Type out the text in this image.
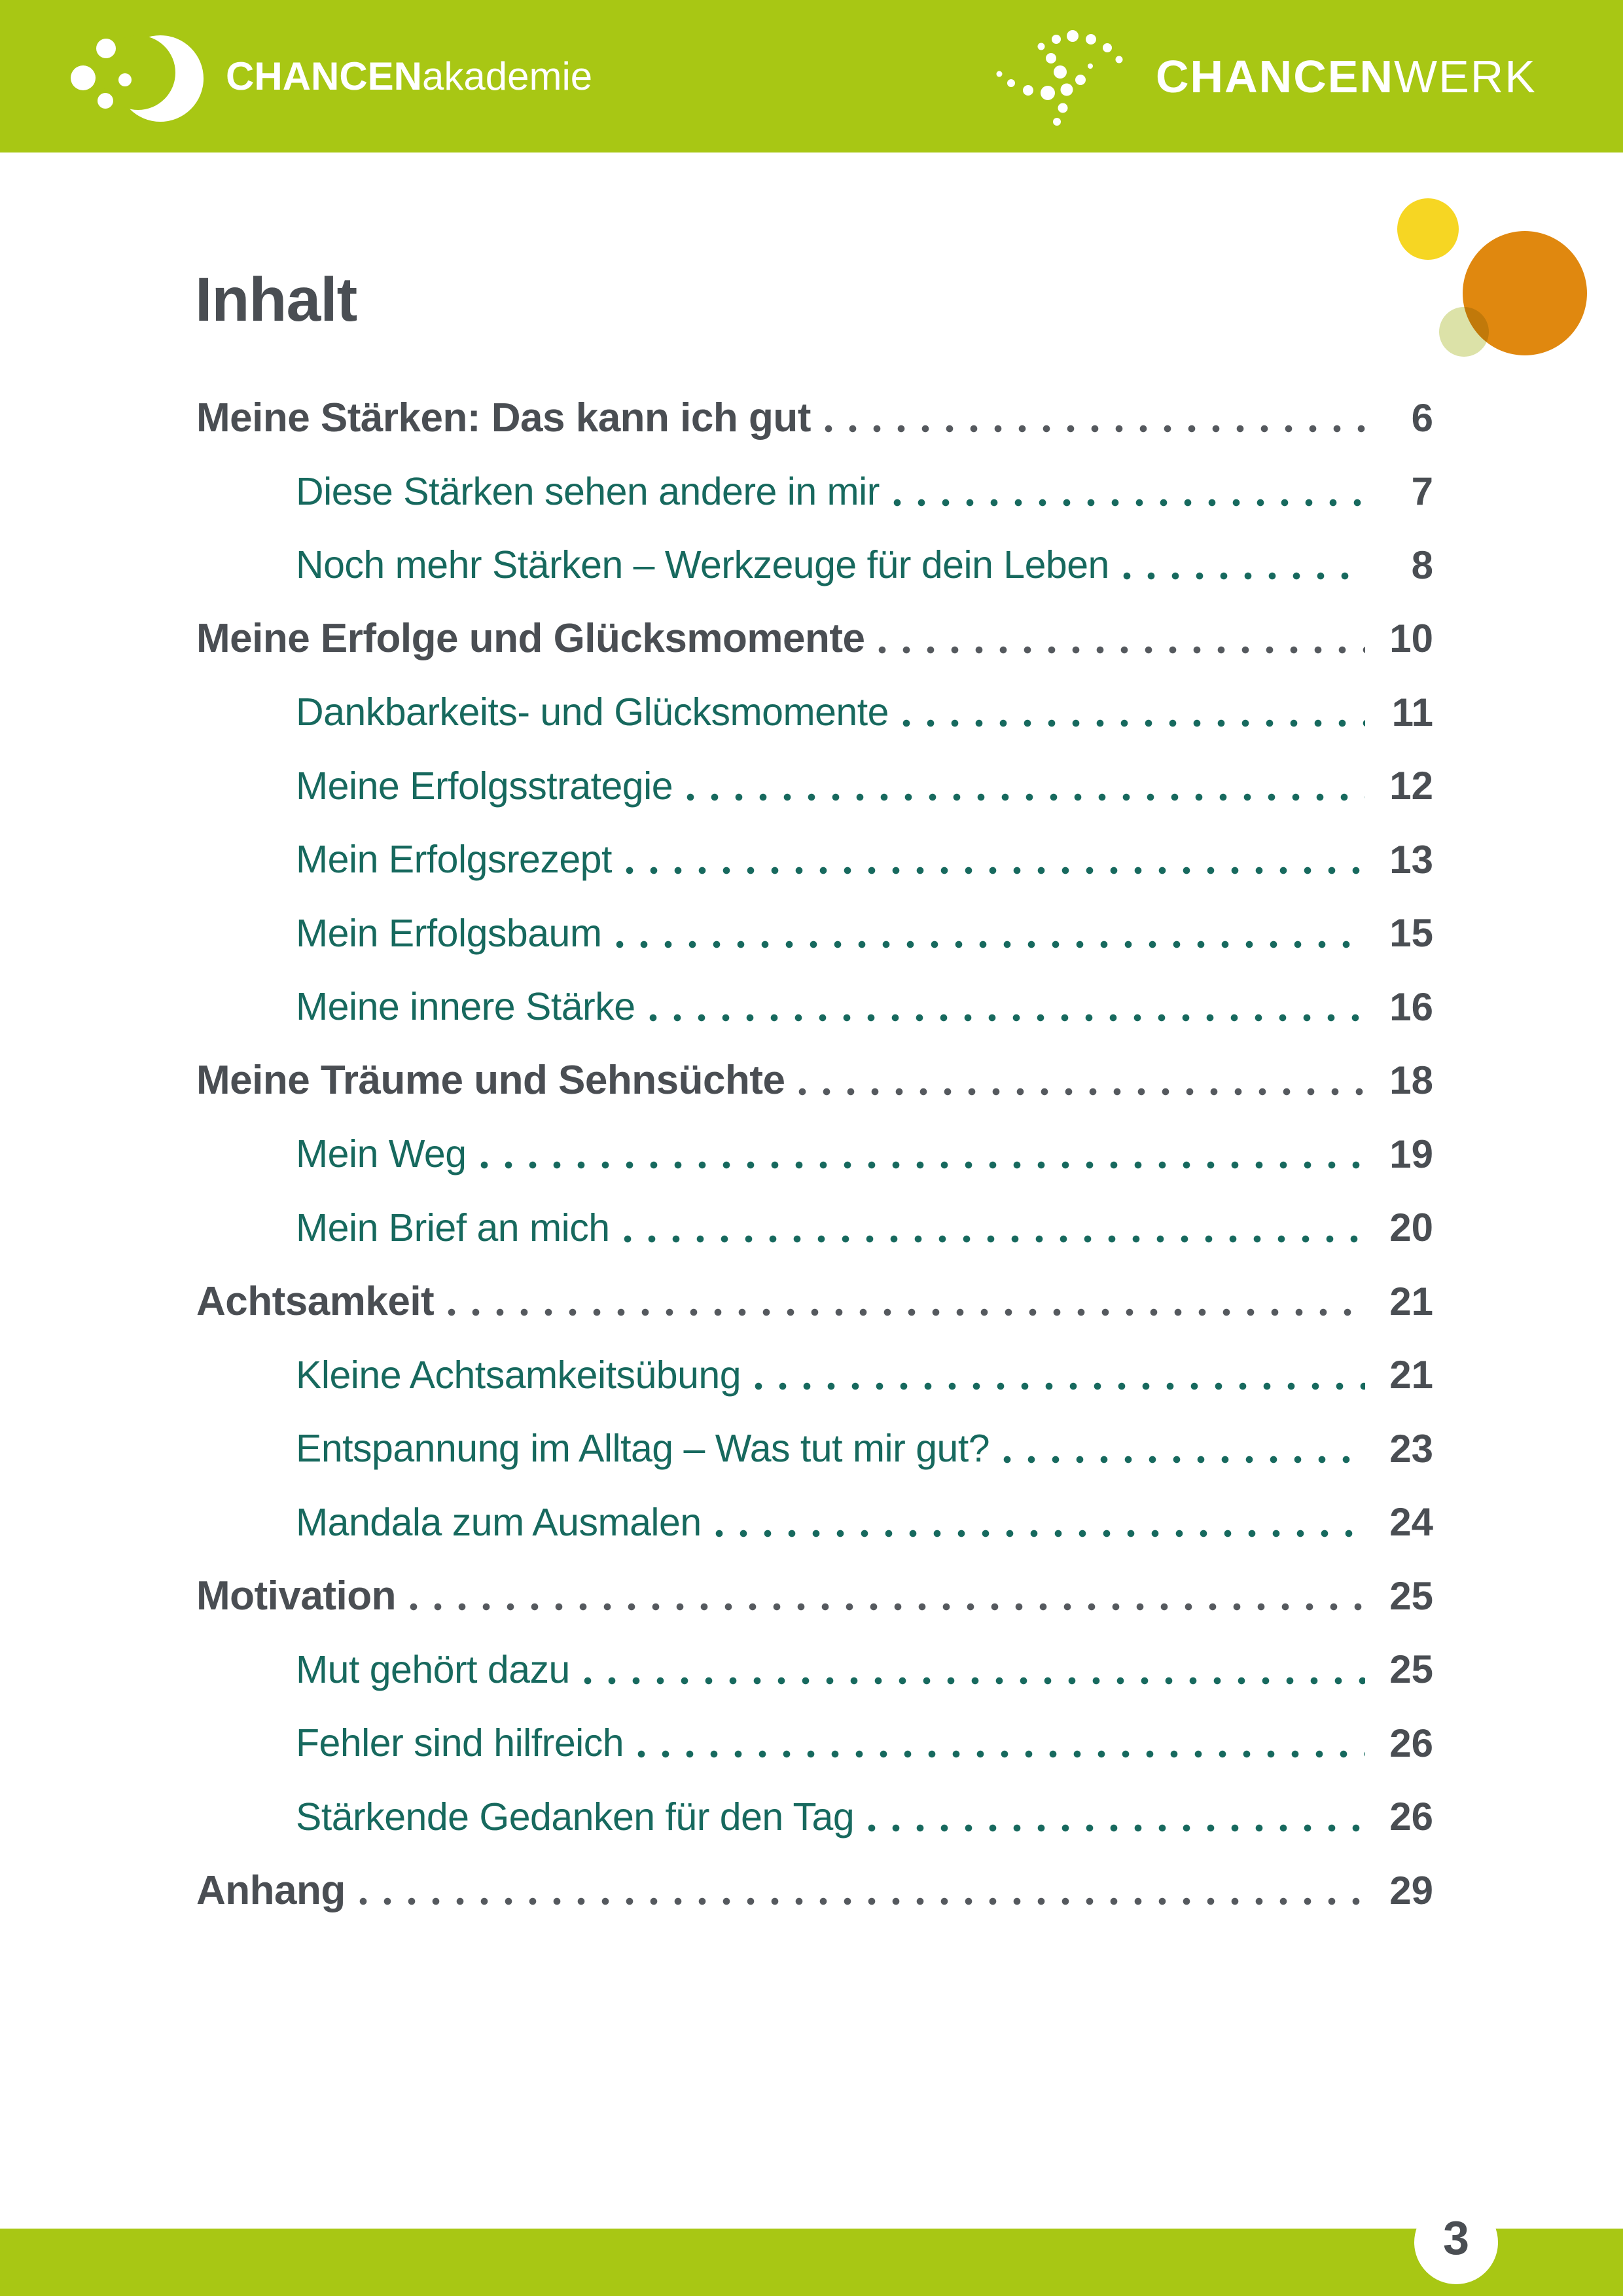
CHANCENakademie	CHANCENWERK
Inhalt
Meine Stärken: Das kann ich gut	6
Diese Stärken sehen andere in mir	7
Noch mehr Stärken – Werkzeuge für dein Leben	8
Meine Erfolge und Glücksmomente	10
Dankbarkeits- und Glücksmomente	11
Meine Erfolgsstrategie	12
Mein Erfolgsrezept	13
Mein Erfolgsbaum	15
Meine innere Stärke	16
Meine Träume und Sehnsüchte	18
Mein Weg	19
Mein Brief an mich	20
Achtsamkeit	21
Kleine Achtsamkeitsübung	21
Entspannung im Alltag – Was tut mir gut?	23
Mandala zum Ausmalen	24
Motivation	25
Mut gehört dazu	25
Fehler sind hilfreich	26
Stärkende Gedanken für den Tag	26
Anhang	29
3
